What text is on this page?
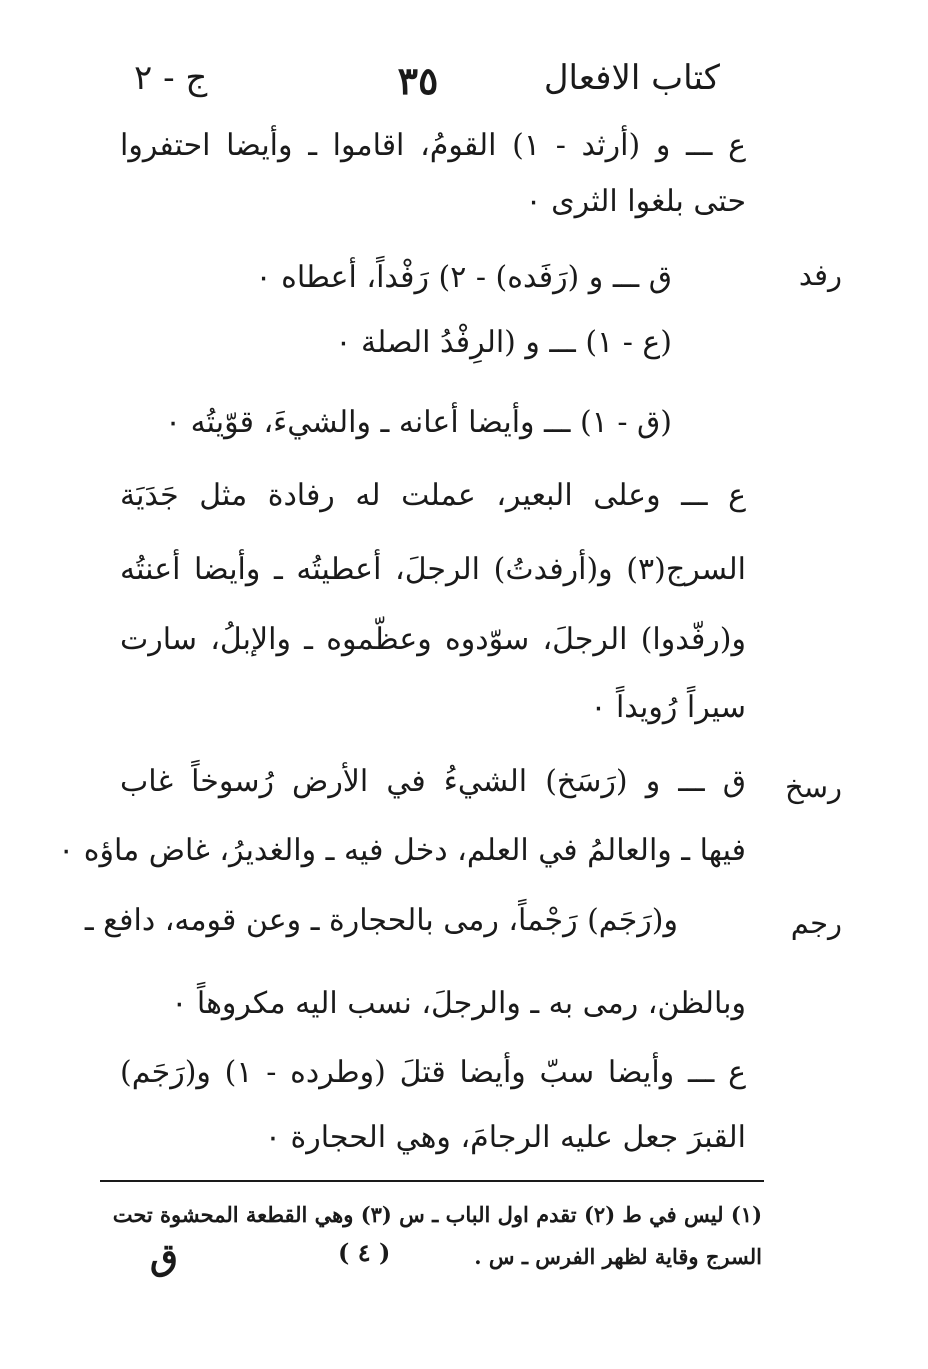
كتاب الافعال
٣٥
ج - ٢
ع ـــ و (أرثد - ١) القومُ، اقاموا ـ وأيضا احتفروا
حتى بلغوا الثرى ٠
رفد
ق ـــ و (رَفَده) - ٢) رَفْداً، أعطاه ٠
(ع - ١) ـــ و (الرِفْدُ الصلة ٠
(ق - ١) ـــ وأيضا أعانه ـ والشيءَ، قوّيتُه ٠
ع ـــ وعلى البعير، عملت له رفادة مثل جَدَيَة
السرج(٣) و(أرفدتُ) الرجلَ، أعطيتُه ـ وأيضا أعنتُه
و(رفّدوا) الرجلَ، سوّدوه وعظّموه ـ والإبلُ، سارت
سيراً رُويداً ٠
رسخ
ق ـــ و (رَسَخ) الشيءُ في الأرض رُسوخاً غاب
فيها ـ والعالمُ في العلم، دخل فيه ـ والغديرُ، غاض ماؤه ٠
رجم
و(رَجَم) رَجْماً، رمى بالحجارة ـ وعن قومه، دافع ـ
وبالظن، رمى به ـ والرجلَ، نسب اليه مكروهاً ٠
ع ـــ وأيضا سبّ وأيضا قتلَ (وطرده - ١) و(رَجَم)
القبرَ جعل عليه الرجامَ، وهي الحجارة ٠
(١) ليس في ط (٢) تقدم اول الباب ـ س (٣) وهي القطعة المحشوة تحت
السرج وقاية لظهر الفرس ـ س .
( ٤ )
ق
